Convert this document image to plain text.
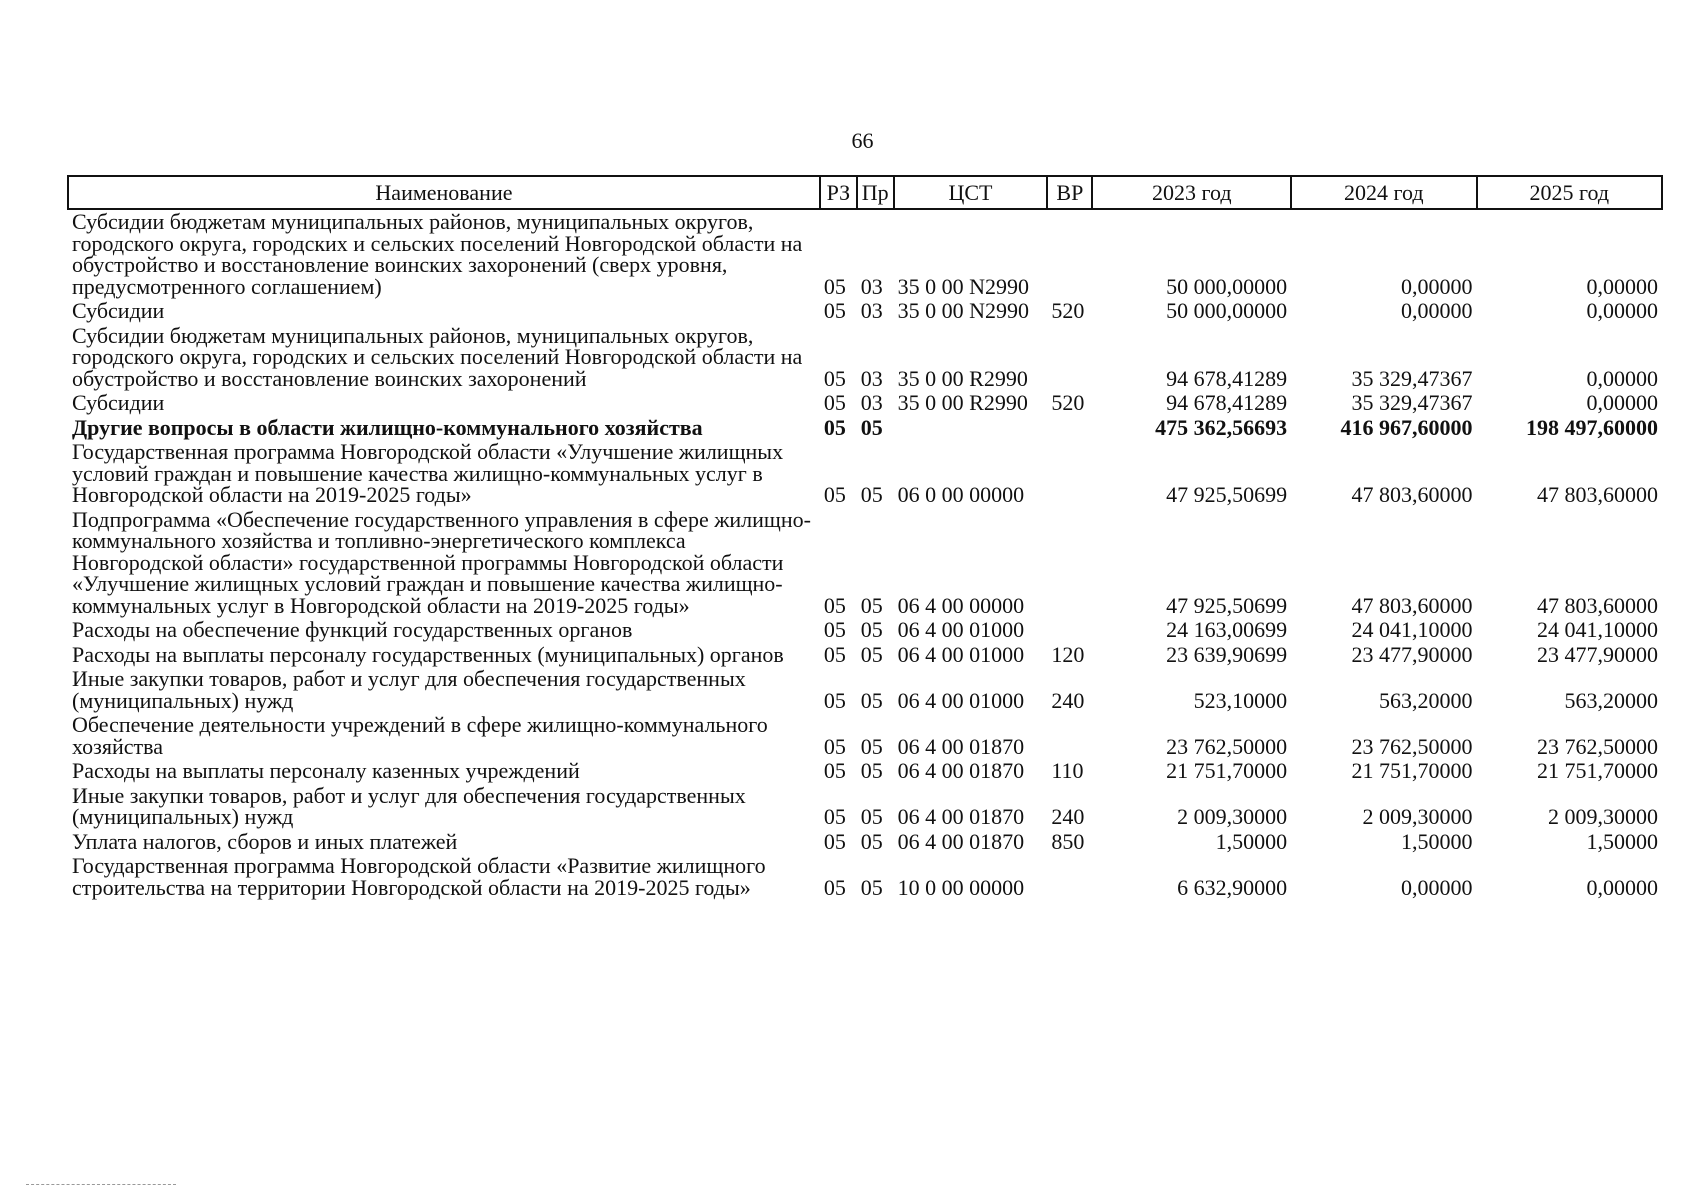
66
Наименование	РЗ	Пр	ЦСТ	ВР	2023 год	2024 год	2025 год
Субсидии бюджетам муниципальных районов, муниципальных округов, городского округа, городских и сельских поселений Новгородской области на обустройство и восстановление воинских захоронений (сверх уровня, предусмотренного соглашением)	05	03	35 0 00 N2990		50 000,00000	0,00000	0,00000
Субсидии	05	03	35 0 00 N2990	520	50 000,00000	0,00000	0,00000
Субсидии бюджетам муниципальных районов, муниципальных округов, городского округа, городских и сельских поселений Новгородской области на обустройство и восстановление воинских захоронений	05	03	35 0 00 R2990		94 678,41289	35 329,47367	0,00000
Субсидии	05	03	35 0 00 R2990	520	94 678,41289	35 329,47367	0,00000
Другие вопросы в области жилищно-коммунального хозяйства	05	05			475 362,56693	416 967,60000	198 497,60000
Государственная программа Новгородской области «Улучшение жилищных условий граждан и повышение качества жилищно-коммунальных услуг в Новгородской области на 2019-2025 годы»	05	05	06 0 00 00000		47 925,50699	47 803,60000	47 803,60000
Подпрограмма «Обеспечение государственного управления в сфере жилищно-коммунального хозяйства и топливно-энергетического комплекса Новгородской области» государственной программы Новгородской области «Улучшение жилищных условий граждан и повышение качества жилищно-коммунальных услуг в Новгородской области на 2019-2025 годы»	05	05	06 4 00 00000		47 925,50699	47 803,60000	47 803,60000
Расходы на обеспечение функций государственных органов	05	05	06 4 00 01000		24 163,00699	24 041,10000	24 041,10000
Расходы на выплаты персоналу государственных (муниципальных) органов	05	05	06 4 00 01000	120	23 639,90699	23 477,90000	23 477,90000
Иные закупки товаров, работ и услуг для обеспечения государственных (муниципальных) нужд	05	05	06 4 00 01000	240	523,10000	563,20000	563,20000
Обеспечение деятельности учреждений в сфере жилищно-коммунального хозяйства	05	05	06 4 00 01870		23 762,50000	23 762,50000	23 762,50000
Расходы на выплаты персоналу казенных учреждений	05	05	06 4 00 01870	110	21 751,70000	21 751,70000	21 751,70000
Иные закупки товаров, работ и услуг для обеспечения государственных (муниципальных) нужд	05	05	06 4 00 01870	240	2 009,30000	2 009,30000	2 009,30000
Уплата налогов, сборов и иных платежей	05	05	06 4 00 01870	850	1,50000	1,50000	1,50000
Государственная программа Новгородской области «Развитие жилищного строительства на территории Новгородской области на 2019-2025 годы»	05	05	10 0 00 00000		6 632,90000	0,00000	0,00000
